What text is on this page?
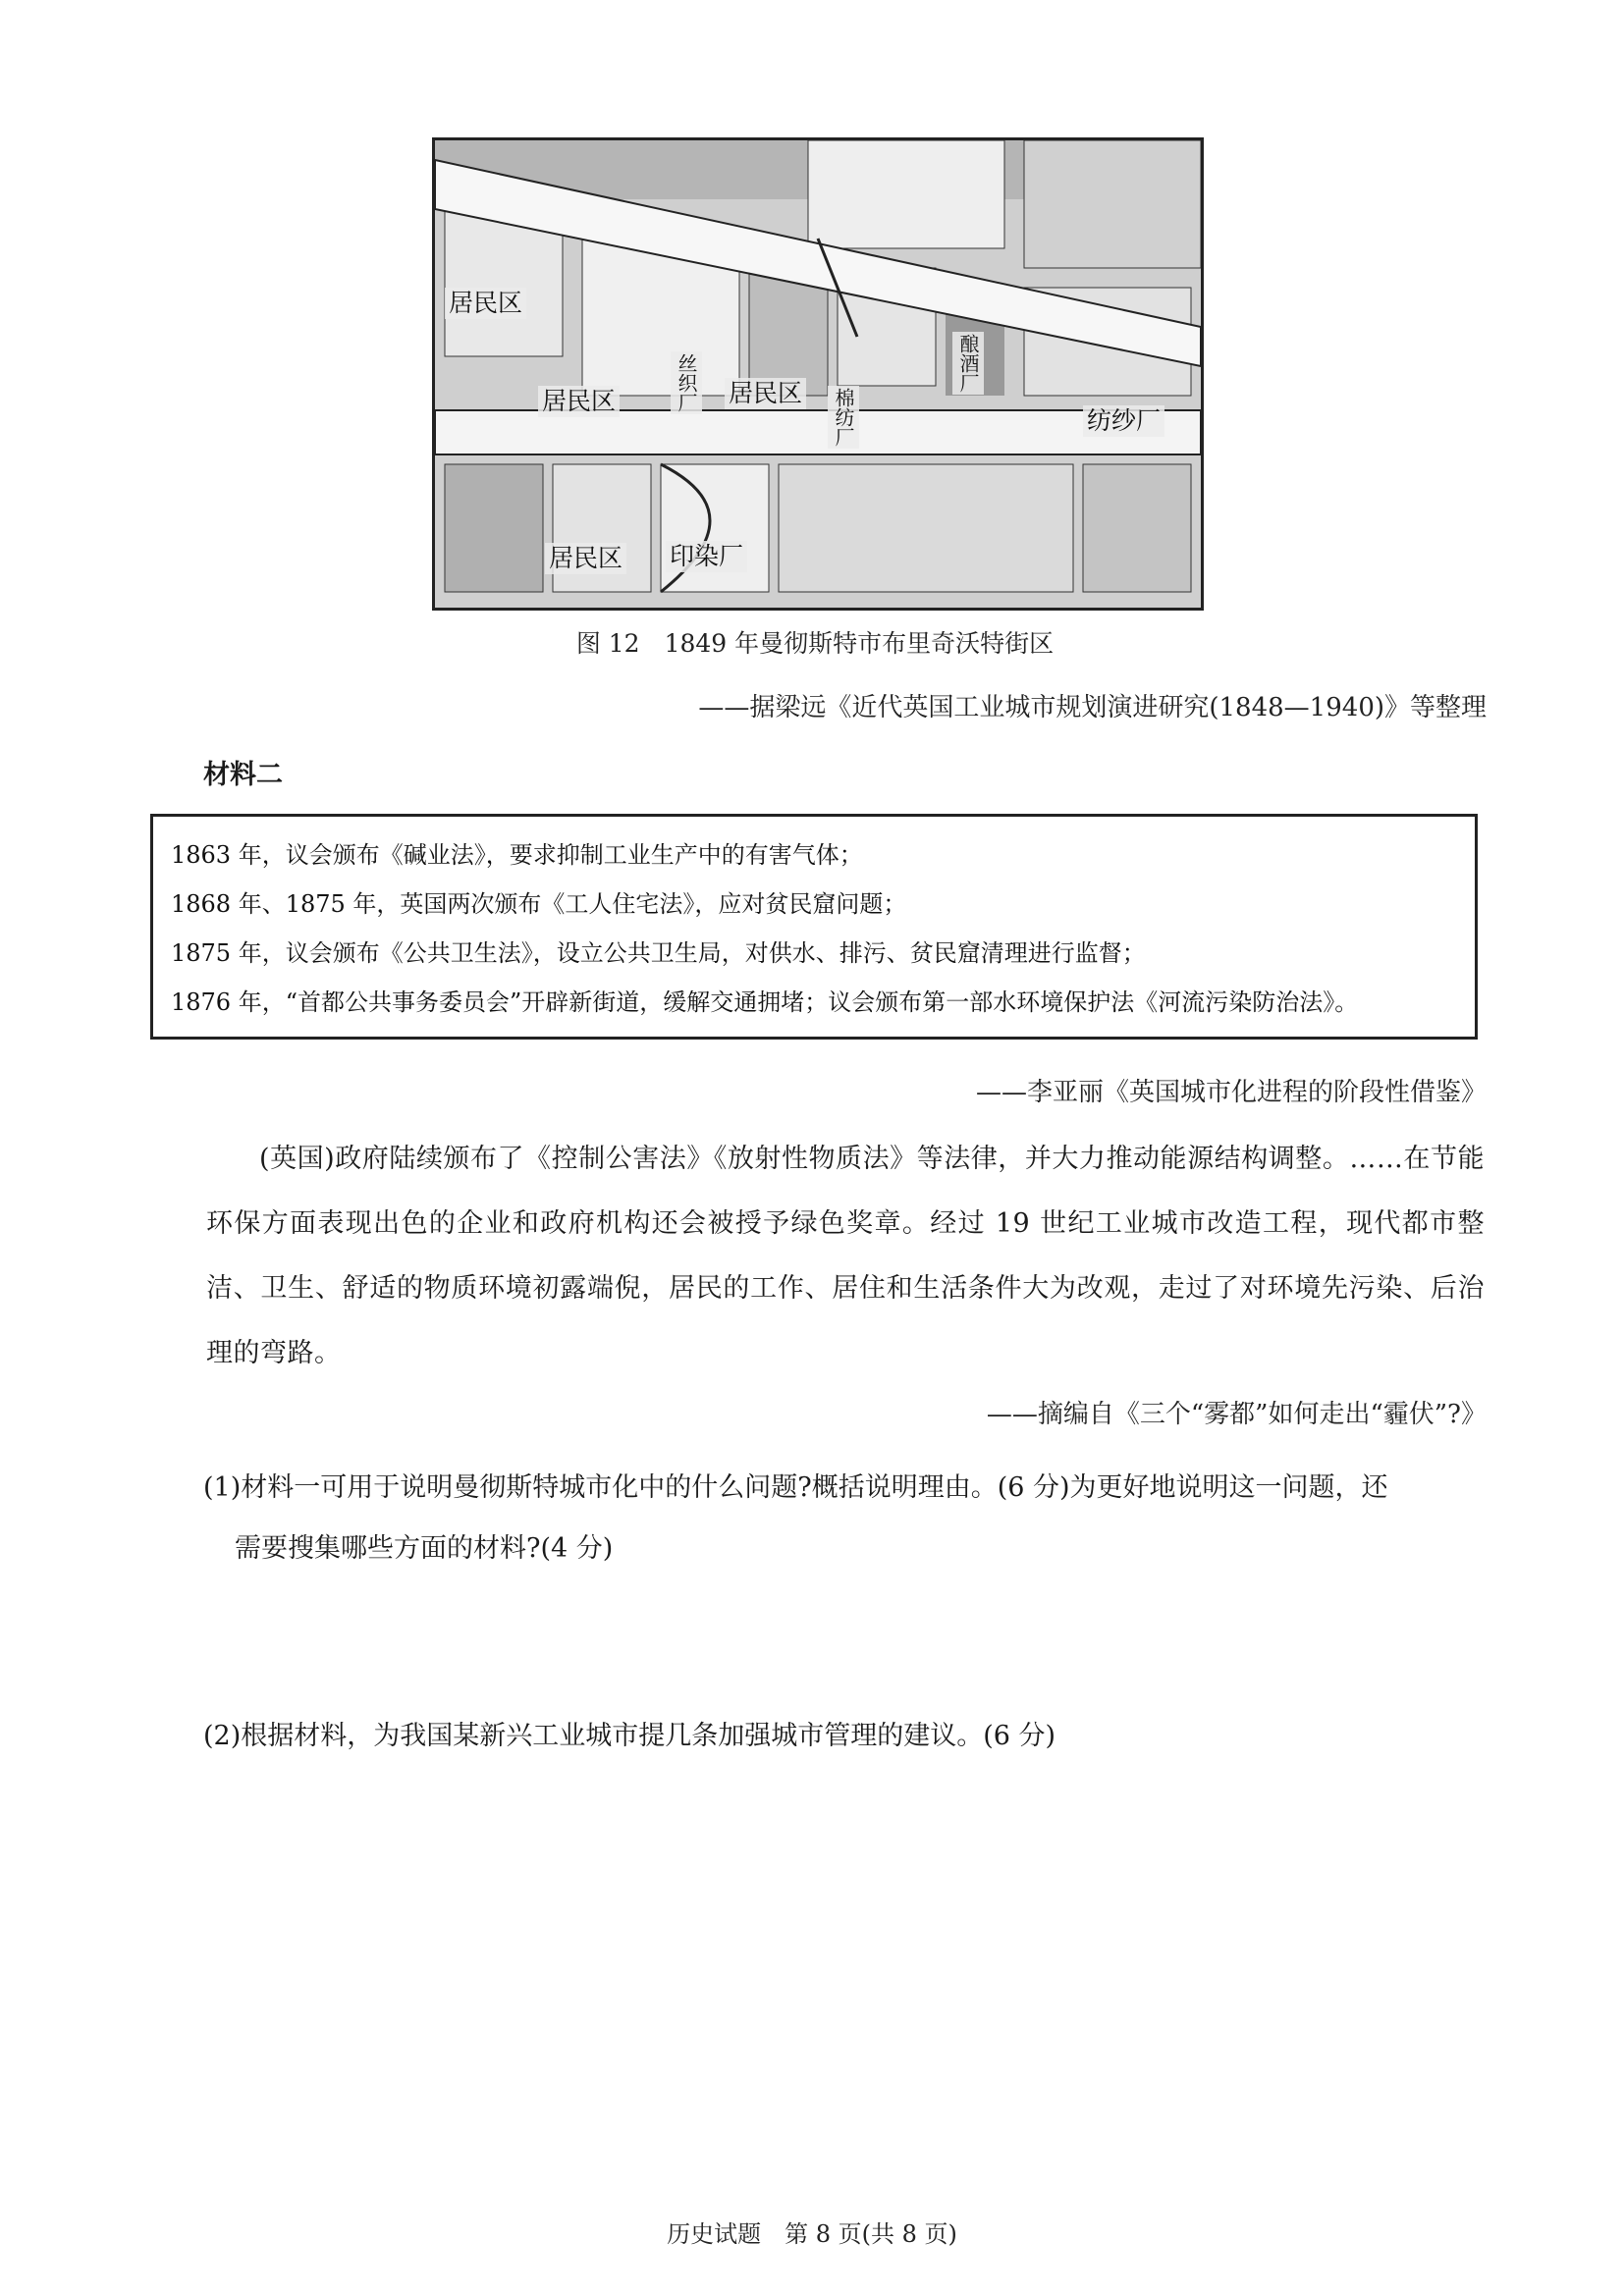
居民区
居民区	居民区
丝织厂
棉纺厂
酿酒厂
纺纱厂
居民区 印染厂
图 12　1849 年曼彻斯特市布里奇沃特街区
——据梁远《近代英国工业城市规划演进研究(1848—1940)》等整理
材料二
1863 年，议会颁布《碱业法》，要求抑制工业生产中的有害气体；
1868 年、1875 年，英国两次颁布《工人住宅法》，应对贫民窟问题；
1875 年，议会颁布《公共卫生法》，设立公共卫生局，对供水、排污、贫民窟清理进行监督；
1876 年，“首都公共事务委员会”开辟新街道，缓解交通拥堵；议会颁布第一部水环境保护法《河流污染防治法》。
——李亚丽《英国城市化进程的阶段性借鉴》

(英国)政府陆续颁布了《控制公害法》《放射性物质法》等法律，并大力推动能源结构调整。……在节能环保方面表现出色的企业和政府机构还会被授予绿色奖章。经过 19 世纪工业城市改造工程，现代都市整洁、卫生、舒适的物质环境初露端倪，居民的工作、居住和生活条件大为改观，走过了对环境先污染、后治理的弯路。

——摘编自《三个“雾都”如何走出“霾伏”?》
(1)材料一可用于说明曼彻斯特城市化中的什么问题?概括说明理由。(6 分)为更好地说明这一问题，还
需要搜集哪些方面的材料?(4 分)
(2)根据材料，为我国某新兴工业城市提几条加强城市管理的建议。(6 分)
历史试题　第 8 页(共 8 页)
